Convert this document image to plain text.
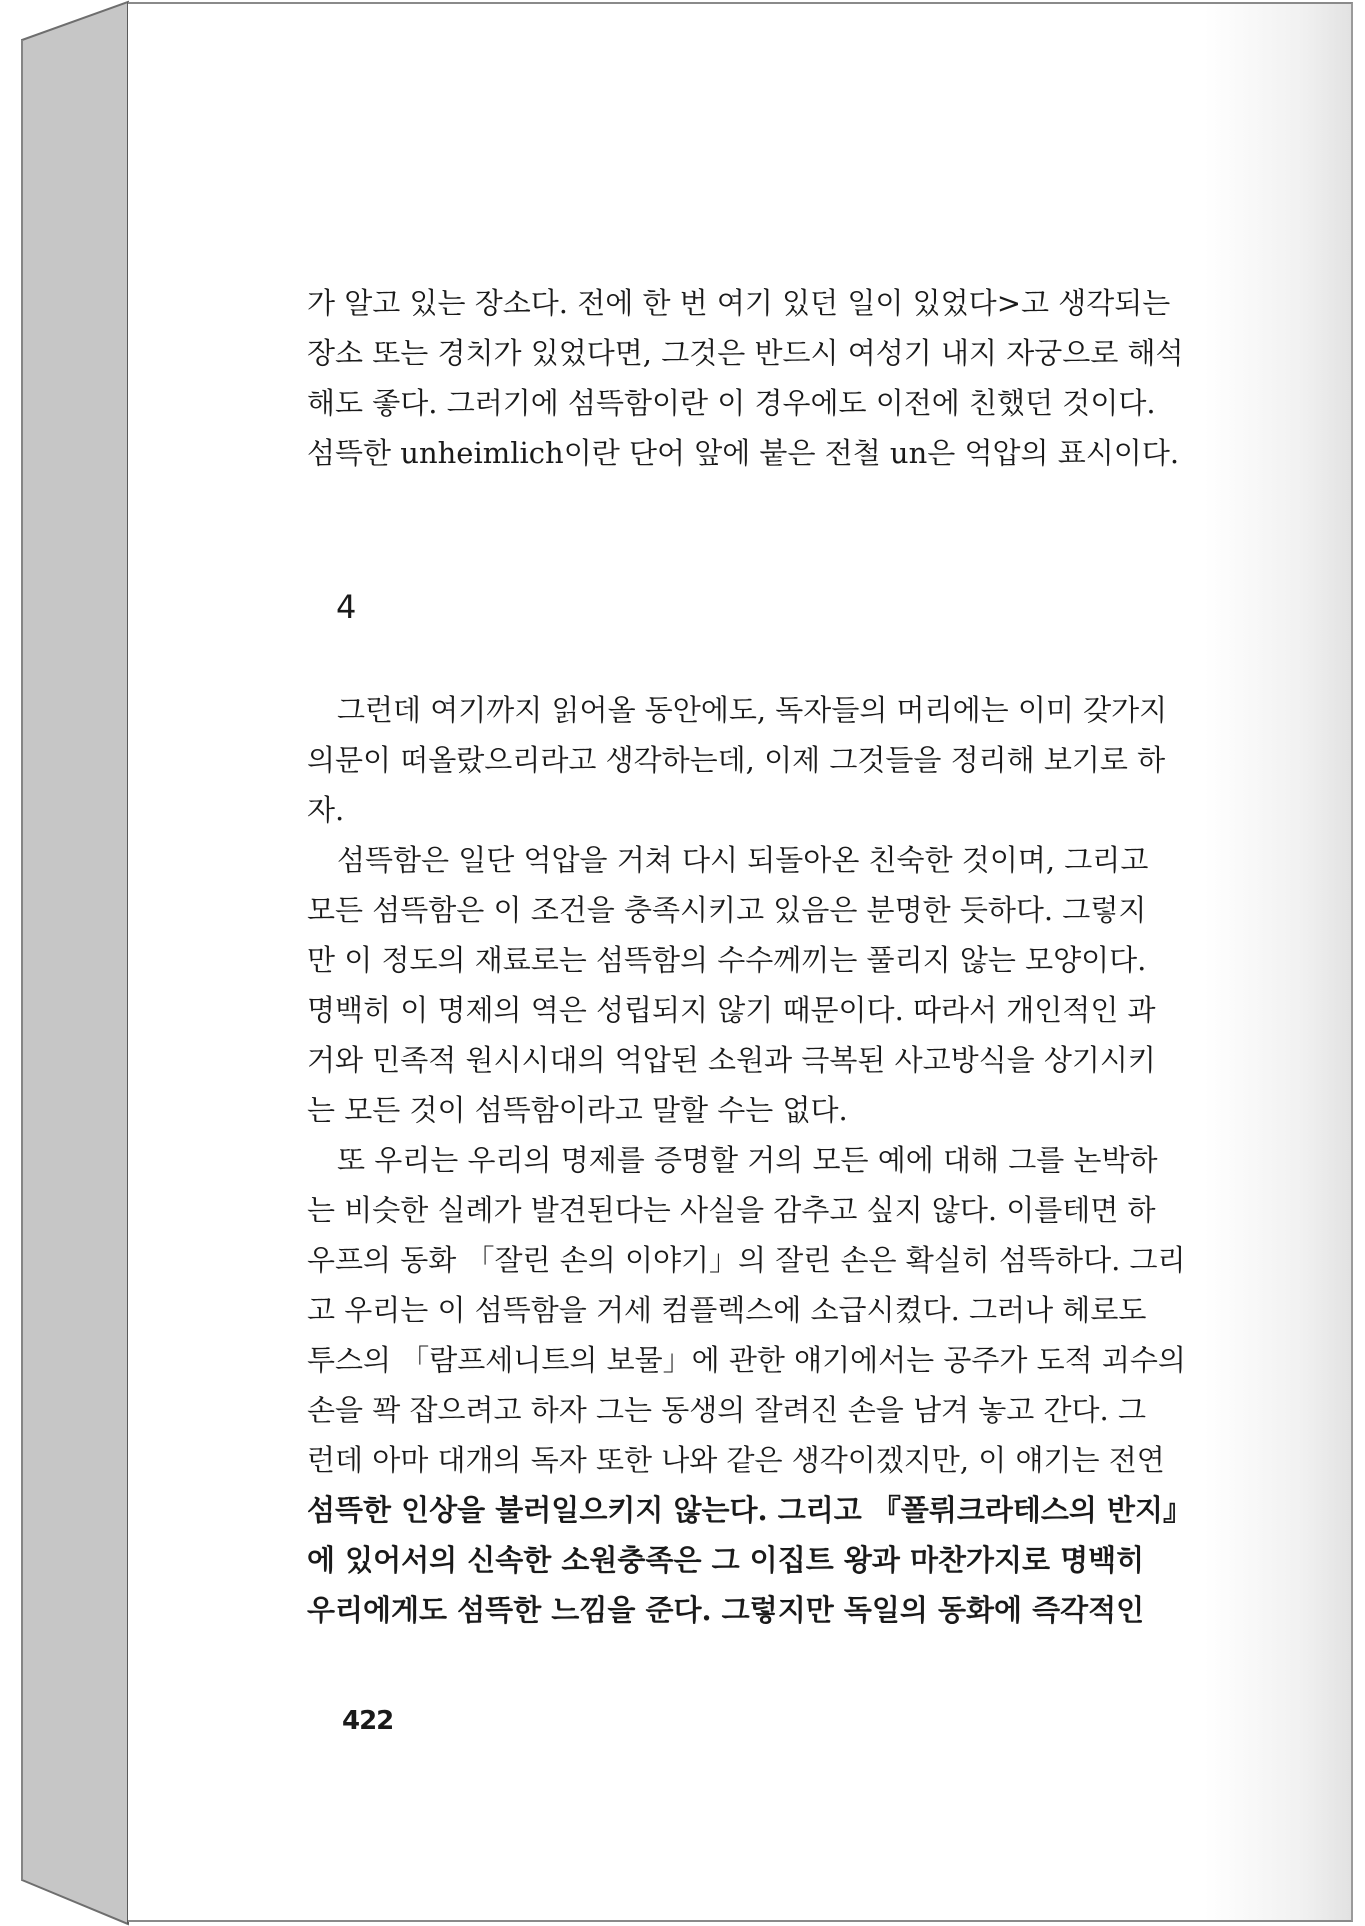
가 알고 있는 장소다. 전에 한 번 여기 있던 일이 있었다>고 생각되는
장소 또는 경치가 있었다면, 그것은 반드시 여성기 내지 자궁으로 해석
해도 좋다. 그러기에 섬뜩함이란 이 경우에도 이전에 친했던 것이다.
섬뜩한 unheimlich이란 단어 앞에 붙은 전철 un은 억압의 표시이다.
4
그런데 여기까지 읽어올 동안에도, 독자들의 머리에는 이미 갖가지
의문이 떠올랐으리라고 생각하는데, 이제 그것들을 정리해 보기로 하
자.
섬뜩함은 일단 억압을 거쳐 다시 되돌아온 친숙한 것이며, 그리고
모든 섬뜩함은 이 조건을 충족시키고 있음은 분명한 듯하다. 그렇지
만 이 정도의 재료로는 섬뜩함의 수수께끼는 풀리지 않는 모양이다.
명백히 이 명제의 역은 성립되지 않기 때문이다. 따라서 개인적인 과
거와 민족적 원시시대의 억압된 소원과 극복된 사고방식을 상기시키
는 모든 것이 섬뜩함이라고 말할 수는 없다.
또 우리는 우리의 명제를 증명할 거의 모든 예에 대해 그를 논박하
는 비슷한 실례가 발견된다는 사실을 감추고 싶지 않다. 이를테면 하
우프의 동화 「잘린 손의 이야기」의 잘린 손은 확실히 섬뜩하다. 그리
고 우리는 이 섬뜩함을 거세 컴플렉스에 소급시켰다. 그러나 헤로도
투스의 「람프세니트의 보물」에 관한 얘기에서는 공주가 도적 괴수의
손을 꽉 잡으려고 하자 그는 동생의 잘려진 손을 남겨 놓고 간다. 그
런데 아마 대개의 독자 또한 나와 같은 생각이겠지만, 이 얘기는 전연
섬뜩한 인상을 불러일으키지 않는다. 그리고 『폴뤼크라테스의 반지』
에 있어서의 신속한 소원충족은 그 이집트 왕과 마찬가지로 명백히
우리에게도 섬뜩한 느낌을 준다. 그렇지만 독일의 동화에 즉각적인
422
